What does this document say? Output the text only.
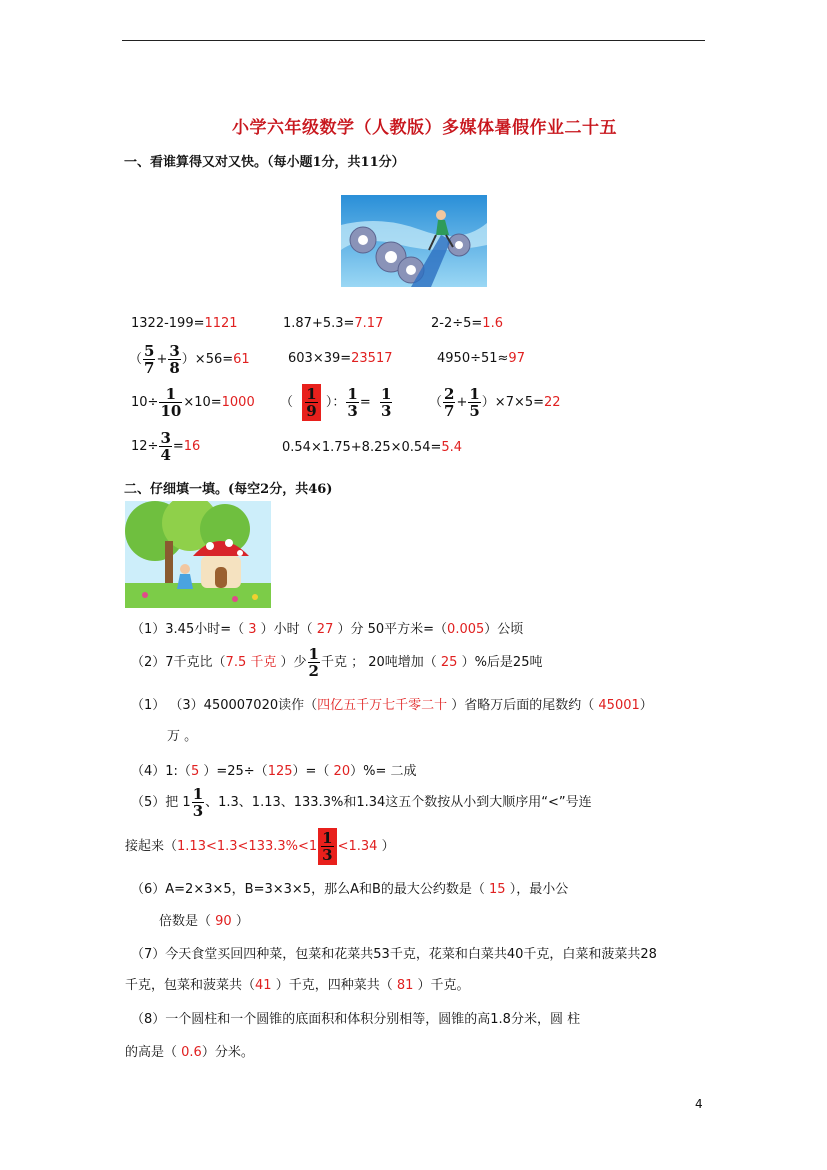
小学六年级数学（人教版）多媒体暑假作业二十五
一、看谁算得又对又快。（每小题1分，共11分）
1322-199=1121	1.87+5.3=7.17	2-2÷5=1.6
（ $\frac{5}{7} + \frac{3}{8} )\times 56=61$	603×39=23517	4950÷51≈97
$10\div \frac{1}{10} \times 10=1000$ （ $\frac{1}{9}$ ）： $\frac{1}{3} = \frac{1}{3}$	（ $\frac{2}{7} + \frac{1}{5} )\times 7\times 5=22$
$12\div \frac{3}{4} =16$	0.54×1.75+8.25×0.54=5.4
二、仔细填一填。(每空2分，共46)
（1）3.45小时=（ 3 ）小时（ 27 ）分 50平方米=（0.005）公顷
（2）7千克比（7.5 千克 ）少 $\frac{1}{2}$ 千克 ； 20吨增加（ 25 ）%后是25吨
（1） （3）450007020读作（四亿五千万七千零二十 ）省略万后面的尾数约（ 45001）
万 。
（4）1:（5 ）=25÷（125）=（ 20）%= 二成
（5）把 $1 \frac{1}{3}$ 、1.3、1.13、133.3%和1.34这五个数按从小到大顺序用“<”号连
接起来（$1.13<1.3<133.3\%<1 \frac{1}{3} <1.34$ ）
（6）A=2×3×5，B=3×3×5，那么A和B的最大公约数是（ 15 ），最小公
倍数是（ 90 ）
（7）今天食堂买回四种菜，包菜和花菜共53千克，花菜和白菜共40千克，白菜和菠菜共28
千克，包菜和菠菜共（41 ）千克，四种菜共（ 81 ）千克。
（8）一个圆柱和一个圆锥的底面积和体积分别相等，圆锥的高1.8分米，圆 柱
的高是（ 0.6）分米。
4
